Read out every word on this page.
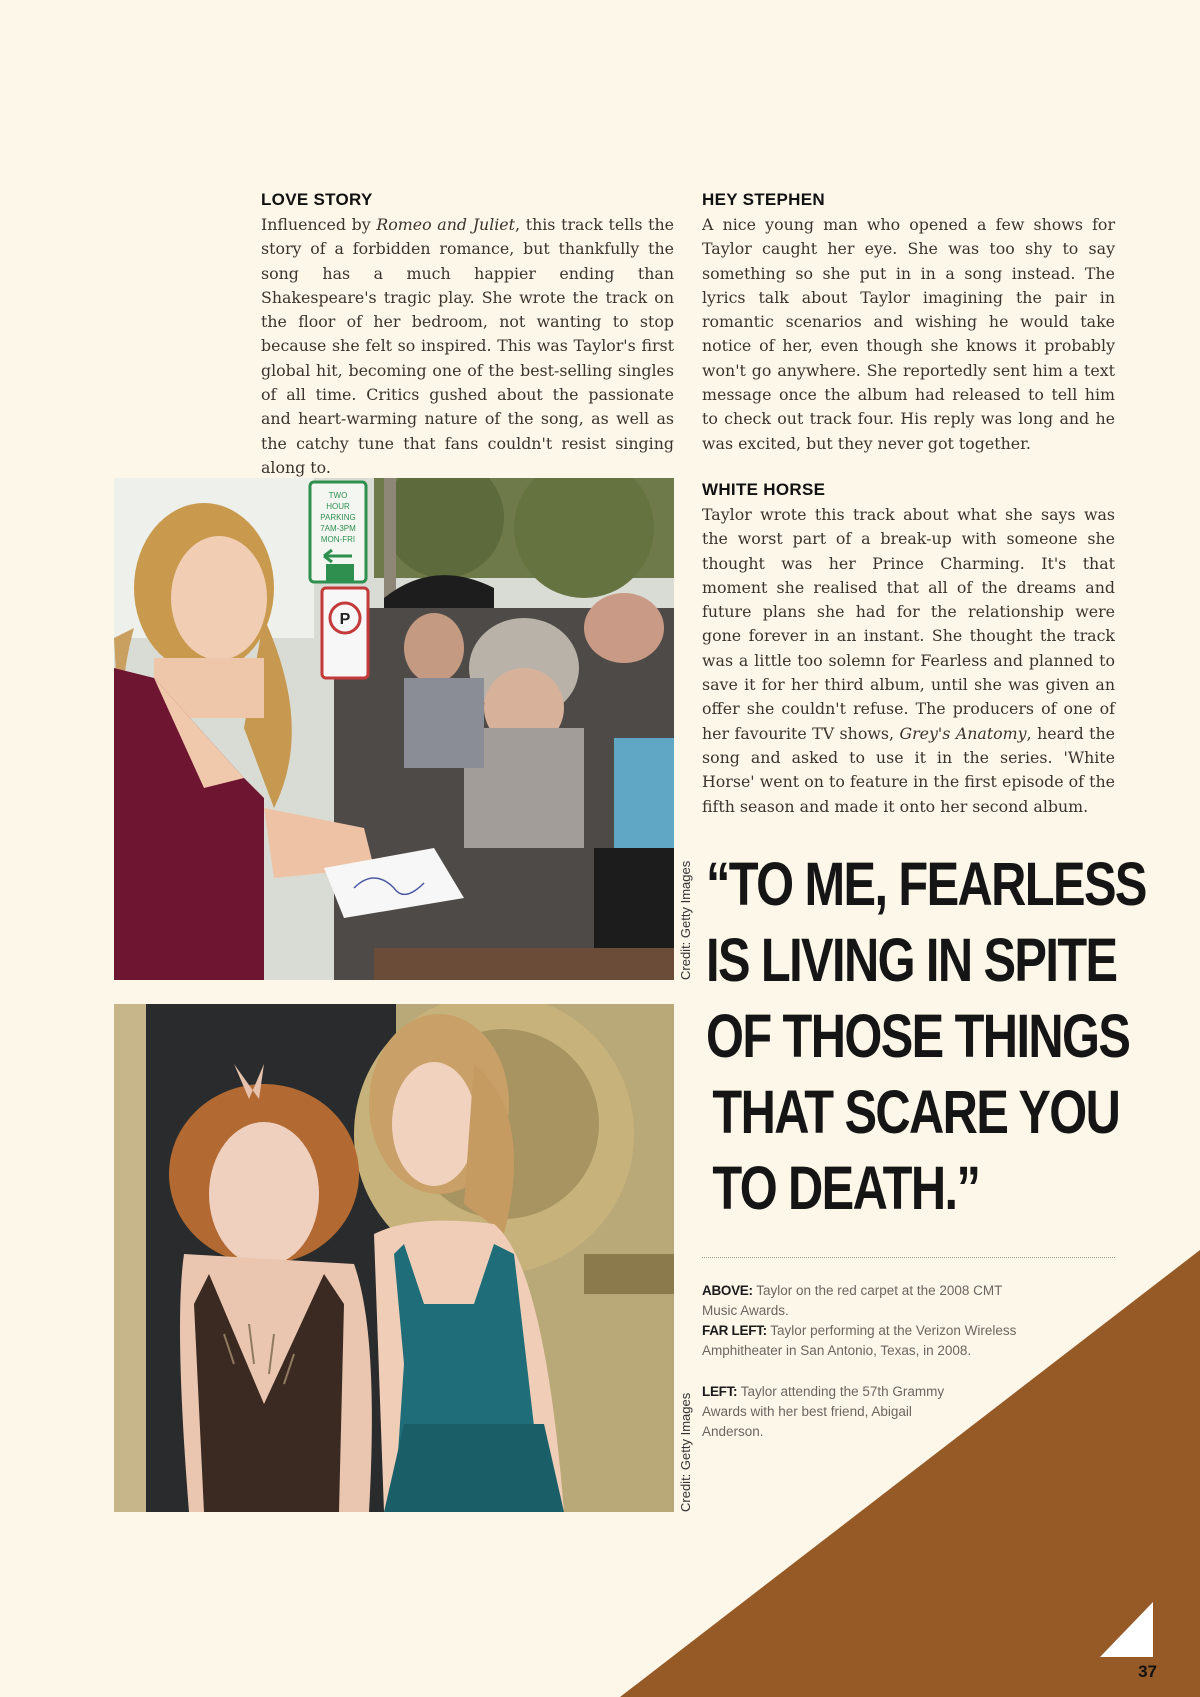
37
LOVE STORY

Influenced by Romeo and Juliet, this track tells the story of a forbidden romance, but thankfully the song has a much happier ending than Shakespeare's tragic play. She wrote the track on the floor of her bedroom, not wanting to stop because she felt so inspired. This was Taylor's first global hit, becoming one of the best-selling singles of all time. Critics gushed about the passionate and heart-warming nature of the song, as well as the catchy tune that fans couldn't resist singing along to.

HEY STEPHEN

A nice young man who opened a few shows for Taylor caught her eye. She was too shy to say something so she put in in a song instead. The lyrics talk about Taylor imagining the pair in romantic scenarios and wishing he would take notice of her, even though she knows it probably won't go anywhere. She reportedly sent him a text message once the album had released to tell him to check out track four. His reply was long and he was excited, but they never got together.

WHITE HORSE

Taylor wrote this track about what she says was the worst part of a break-up with someone she thought was her Prince Charming. It's that moment she realised that all of the dreams and future plans she had for the relationship were gone forever in an instant. She thought the track was a little too solemn for Fearless and planned to save it for her third album, until she was given an offer she couldn't refuse. The producers of one of her favourite TV shows, Grey's Anatomy, heard the song and asked to use it in the series. 'White Horse' went on to feature in the first episode of the fifth season and made it onto her second album.

TWO
HOUR
PARKING
7AM-3PM
MON-FRI
P
Credit: Getty Images
Credit: Getty Images
“TO ME, FEARLESS
IS LIVING IN SPITE
OF THOSE THINGS
THAT SCARE YOU
TO DEATH.”

ABOVE: Taylor on the red carpet at the 2008 CMT Music Awards.

FAR LEFT: Taylor performing at the Verizon Wireless Amphitheater in San Antonio, Texas, in 2008.

LEFT: Taylor attending the 57th Grammy Awards with her best friend, Abigail Anderson.
